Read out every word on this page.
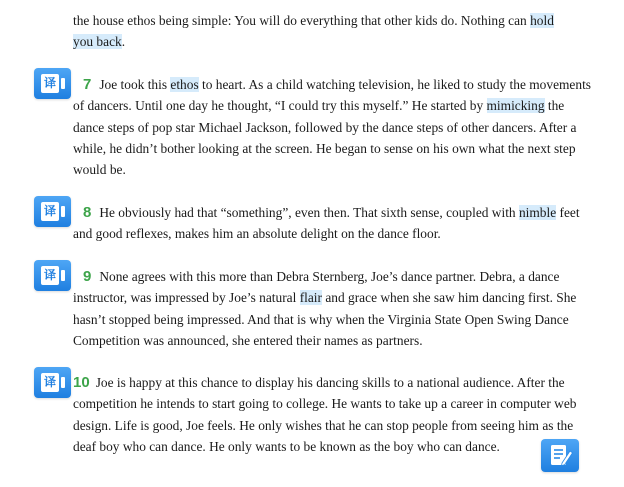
the house ethos being simple: You will do everything that other kids do. Nothing can hold
you back.
译	7 Joe took this ethos to heart. As a child watching television, he liked to study the movements of dancers. Until one day he thought, “I could try this myself.” He started by mimicking the dance steps of pop star Michael Jackson, followed by the dance steps of other dancers. After a while, he didn’t bother looking at the screen. He began to sense on his own what the next step would be.
译	8 He obviously had that “something”, even then. That sixth sense, coupled with nimble feet and good reflexes, makes him an absolute delight on the dance floor.
译	9 None agrees with this more than Debra Sternberg, Joe’s dance partner. Debra, a dance instructor, was impressed by Joe’s natural flair and grace when she saw him dancing first. She hasn’t stopped being impressed. And that is why when the Virginia State Open Swing Dance Competition was announced, she entered their names as partners.
译 10 Joe is happy at this chance to display his dancing skills to a national audience. After the competition he intends to start going to college. He wants to take up a career in computer web design. Life is good, Joe feels. He only wishes that he can stop people from seeing him as the deaf boy who can dance. He only wants to be known as the boy who can dance.
